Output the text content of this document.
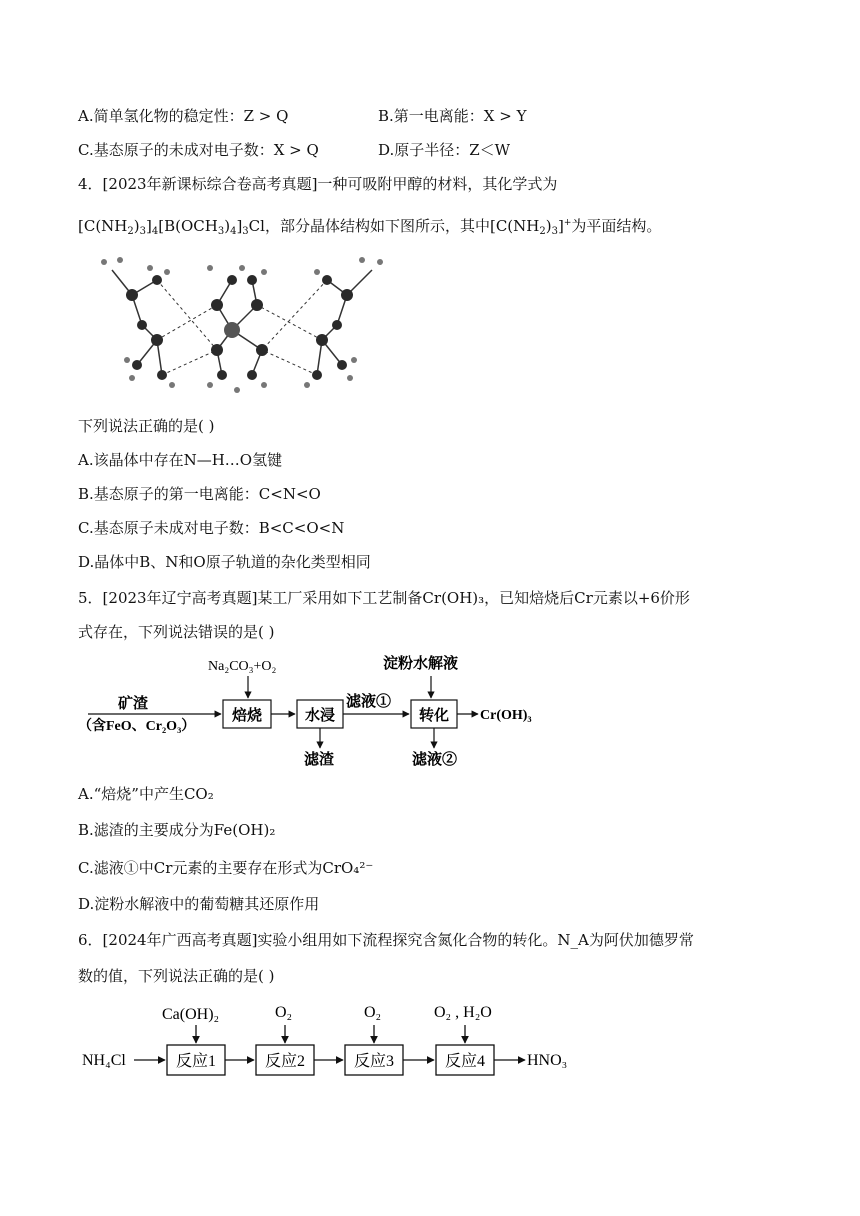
A.简单氢化物的稳定性：Z > Q	B.第一电离能：X > Y
C.基态原子的未成对电子数：X > Q	D.原子半径：Z＜W
4．[2023年新课标综合卷高考真题]一种可吸附甲醇的材料，其化学式为
$[C(NH_2)_3]_4[B(OCH_3)_4]_3Cl$，部分晶体结构如下图所示，其中$[C(NH_2)_3]^+$为平面结构。
下列说法正确的是( )
A.该晶体中存在N—H…O氢键
B.基态原子的第一电离能：C<N<O
C.基态原子未成对电子数：B<C<O<N
D.晶体中B、N和O原子轨道的杂化类型相同
5．[2023年辽宁高考真题]某工厂采用如下工艺制备Cr(OH)₃，已知焙烧后Cr元素以+6价形
式存在，下列说法错误的是( )
Na₂CO₃+O₂	淀粉水解液
矿渣
（含FeO、Cr₂O₃）
焙烧	水浸
滤液①
转化 Cr(OH)₃
滤渣	滤液②
A.“焙烧”中产生CO₂
B.滤渣的主要成分为Fe(OH)₂
C.滤液①中Cr元素的主要存在形式为CrO₄²⁻
D.淀粉水解液中的葡萄糖其还原作用
6．[2024年广西高考真题]实验小组用如下流程探究含氮化合物的转化。N_A为阿伏加德罗常
数的值，下列说法正确的是( )
NH₄Cl
Ca(OH)₂
反应1
O₂
反应2
O₂
反应3
O₂ , H₂O
反应4	HNO₃
